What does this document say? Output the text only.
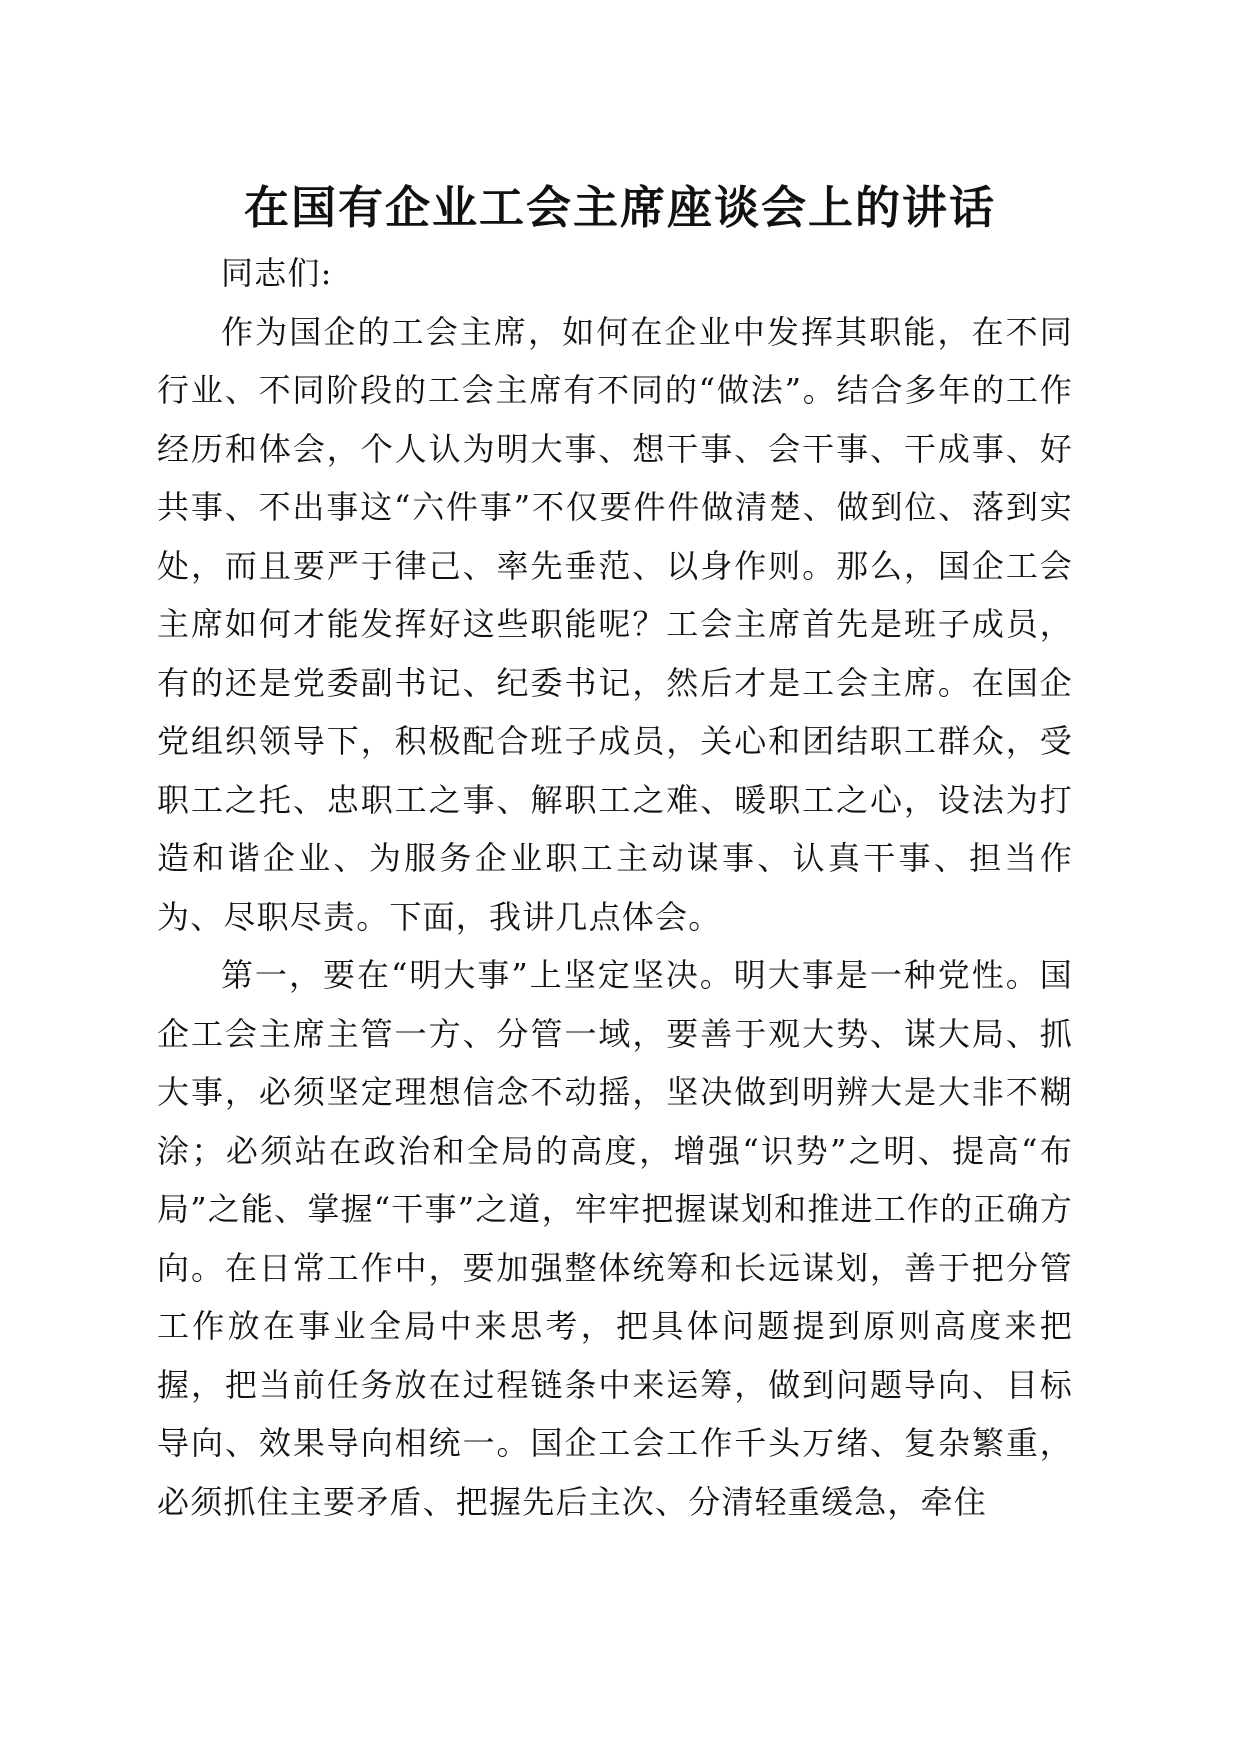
在国有企业工会主席座谈会上的讲话

同志们:

作为国企的工会主席，如何在企业中发挥其职能，在不同行业、不同阶段的工会主席有不同的“做法”。结合多年的工作经历和体会，个人认为明大事、想干事、会干事、干成事、好共事、不出事这“六件事”不仅要件件做清楚、做到位、落到实处，而且要严于律己、率先垂范、以身作则。那么，国企工会主席如何才能发挥好这些职能呢？工会主席首先是班子成员，有的还是党委副书记、纪委书记，然后才是工会主席。在国企党组织领导下，积极配合班子成员，关心和团结职工群众，受职工之托、忠职工之事、解职工之难、暖职工之心，设法为打造和谐企业、为服务企业职工主动谋事、认真干事、担当作为、尽职尽责。下面，我讲几点体会。

第一，要在“明大事”上坚定坚决。明大事是一种党性。国企工会主席主管一方、分管一域，要善于观大势、谋大局、抓大事，必须坚定理想信念不动摇，坚决做到明辨大是大非不糊涂；必须站在政治和全局的高度，增强“识势”之明、提高“布局”之能、掌握“干事”之道，牢牢把握谋划和推进工作的正确方向。在日常工作中，要加强整体统筹和长远谋划，善于把分管工作放在事业全局中来思考，把具体问题提到原则高度来把握，把当前任务放在过程链条中来运筹，做到问题导向、目标导向、效果导向相统一。国企工会工作千头万绪、复杂繁重，必须抓住主要矛盾、把握先后主次、分清轻重缓急，牵住
